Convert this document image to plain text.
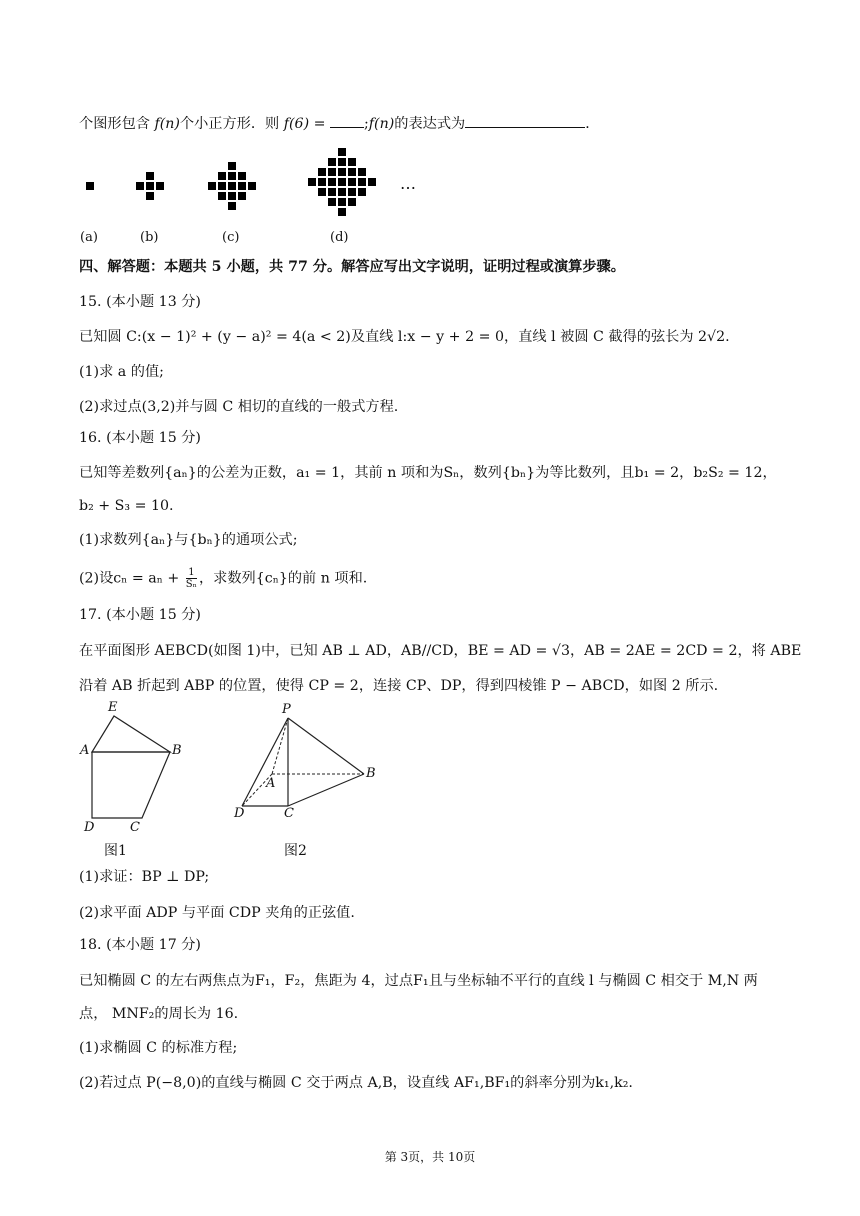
个图形包含 f(n)个小正方形．则 f(6) = ;f(n)的表达式为	．
…
(a)	(b)	(c)	(d)
四、解答题：本题共 5 小题，共 77 分。解答应写出文字说明，证明过程或演算步骤。
15. (本小题 13 分)
已知圆 C:(x − 1)² + (y − a)² = 4(a < 2)及直线 l:x − y + 2 = 0，直线 l 被圆 C 截得的弦长为 2√2.
(1)求 a 的值;
(2)求过点(3,2)并与圆 C 相切的直线的一般式方程.
16. (本小题 15 分)
已知等差数列{aₙ}的公差为正数，a₁ = 1，其前 n 项和为Sₙ，数列{bₙ}为等比数列，且b₁ = 2，b₂S₂ = 12，
b₂ + S₃ = 10.
(1)求数列{aₙ}与{bₙ}的通项公式;
(2)设$c_n = a_n + \frac{1}{\text{Sₙ}}$ ，求数列{cₙ}的前 n 项和.
17. (本小题 15 分)
在平面图形 AEBCD(如图 1)中，已知 AB ⊥ AD，AB//CD，BE = AD = √3，AB = 2AE = 2CD = 2，将 ABE
沿着 AB 折起到 ABP 的位置，使得 CP = 2，连接 CP、DP，得到四棱锥 P − ABCD，如图 2 所示.
E
A	B
D	C
图1
P
A
B
D	C
图2
(1)求证：BP ⊥ DP;
(2)求平面 ADP 与平面 CDP 夹角的正弦值.
18. (本小题 17 分)
已知椭圆 C 的左右两焦点为F₁，F₂，焦距为 4，过点F₁且与坐标轴不平行的直线 l 与椭圆 C 相交于 M,N 两
点， MNF₂的周长为 16.
(1)求椭圆 C 的标准方程;
(2)若过点 P(−8,0)的直线与椭圆 C 交于两点 A,B，设直线 AF₁,BF₁的斜率分别为k₁,k₂.
第 3页，共 10页
